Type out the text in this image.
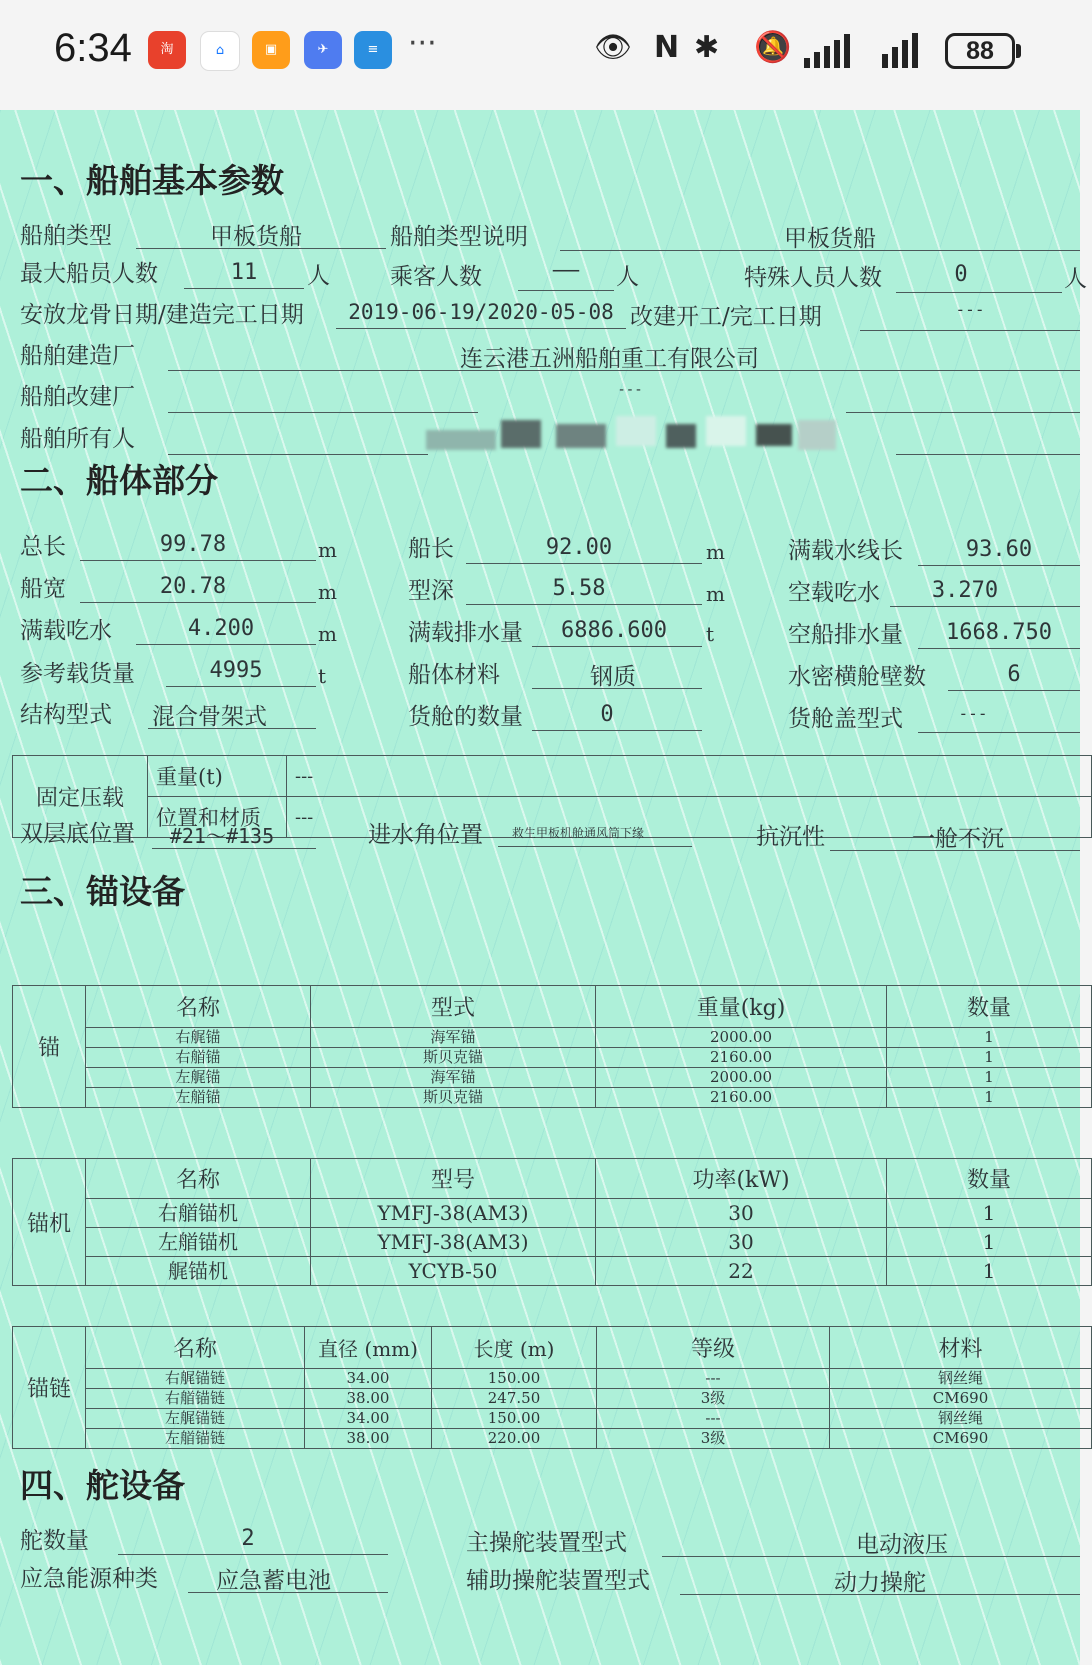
6:34	淘	⌂	▣	✈	≡ ···	👁 N ✱ 🔕	88
一、船舶基本参数
船舶类型	甲板货船	船舶类型说明	甲板货船
最大船员人数	11	人	乘客人数	——	人	特殊人员人数	0	人
安放龙骨日期/建造完工日期	2019-06-19/2020-05-08 改建开工/完工日期	---
船舶建造厂	连云港五洲船舶重工有限公司
船舶改建厂	---
船舶所有人
二、船体部分
总长	99.78	m	船长	92.00	m	满载水线长	93.60
船宽	20.78	m	型深	5.58	m	空载吃水	3.270
满载吃水	4.200	m	满载排水量	6886.600	t	空船排水量	1668.750
参考载货量	4995	t	船体材料	钢质	水密横舱壁数	6
结构型式 混合骨架式	货舱的数量	0	货舱盖型式	---
固定压载	重量(t)	---
	位置和材质	---
双层底位置	#21～#135	进水角位置 救生甲板机舱通风筒下缘	抗沉性	一舱不沉
三、锚设备
锚	名称	型式	重量(kg)	数量
	右艉锚	海军锚	2000.00	1
	右艏锚	斯贝克锚	2160.00	1
	左艉锚	海军锚	2000.00	1
	左艏锚	斯贝克锚	2160.00	1
锚机	名称	型号	功率(kW)	数量
	右艏锚机	YMFJ-38(AM3)	30	1
	左艏锚机	YMFJ-38(AM3)	30	1
	艉锚机	YCYB-50	22	1
锚链	名称	直径 (mm)	长度 (m)	等级	材料
	右艉锚链	34.00	150.00	---	钢丝绳
	右艏锚链	38.00	247.50	3级	CM690
	左艉锚链	34.00	150.00	---	钢丝绳
	左艏锚链	38.00	220.00	3级	CM690
四、舵设备
舵数量	2	主操舵装置型式	电动液压
应急能源种类	应急蓄电池	辅助操舵装置型式	动力操舵
